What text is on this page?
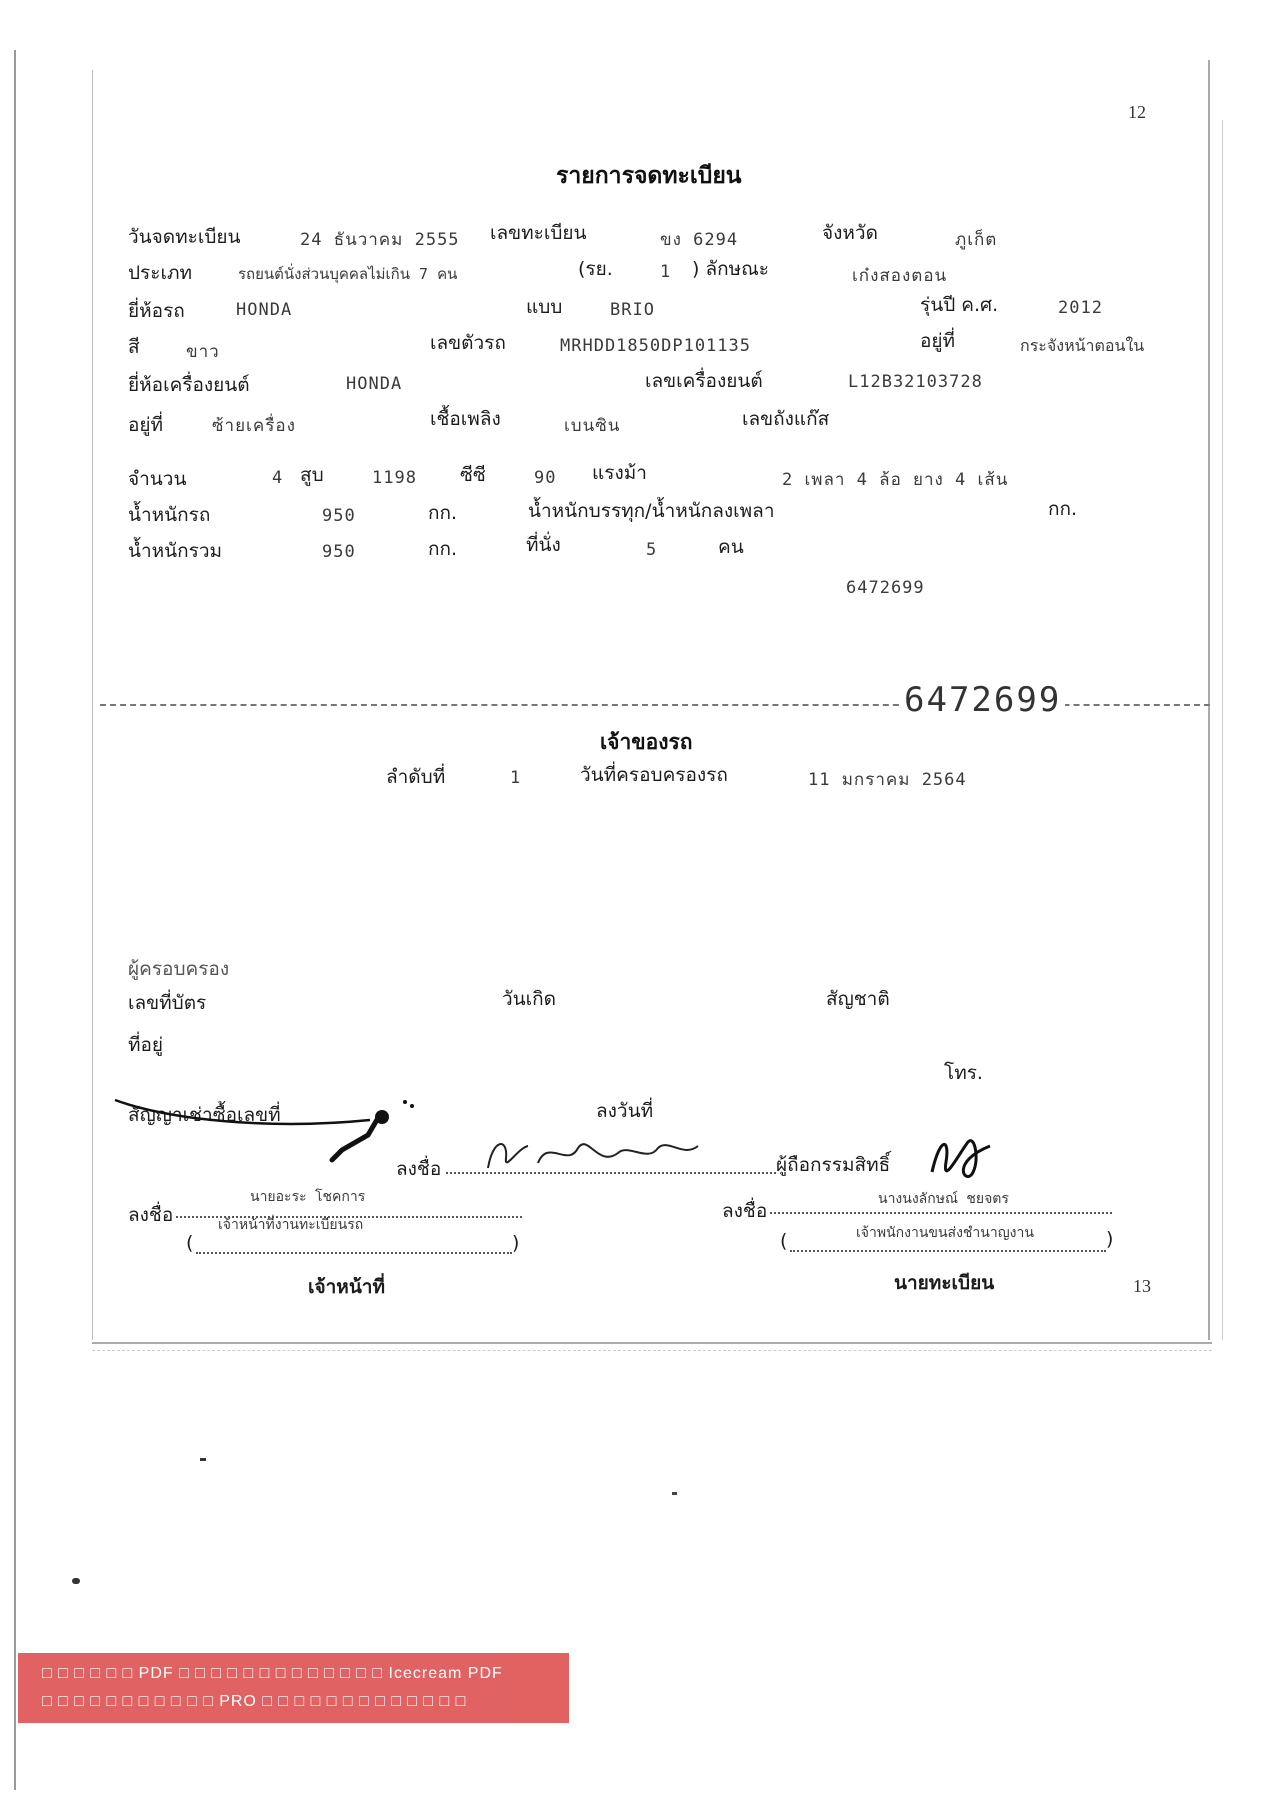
12
13
รายการจดทะเบียน
วันจดทะเบียน	24 ธันวาคม 2555 เลขทะเบียน	ขง 6294	จังหวัด	ภูเก็ต
ประเภท	รถยนต์นั่งส่วนบุคคลไม่เกิน 7 คน	(รย.	1 ) ลักษณะ	เก๋งสองตอน
ยี่ห้อรถ	HONDA	แบบ	BRIO	รุ่นปี ค.ศ.	2012
สี	ขาว	เลขตัวรถ	MRHDD1850DP101135	อยู่ที่	กระจังหน้าตอนใน
ยี่ห้อเครื่องยนต์	HONDA	เลขเครื่องยนต์	L12B32103728
อยู่ที่	ซ้ายเครื่อง	เชื้อเพลิง	เบนซิน	เลขถังแก๊ส
จำนวน	4 สูบ	1198 ซีซี	90 แรงม้า	2 เพลา 4 ล้อ ยาง 4 เส้น
น้ำหนักรถ	950	กก.	น้ำหนักบรรทุก/น้ำหนักลงเพลา	กก.
น้ำหนักรวม	950	กก.	ที่นั่ง	5	คน
6472699
6472699
เจ้าของรถ
ลำดับที่	1	วันที่ครอบครองรถ	11 มกราคม 2564
ผู้ครอบครอง
เลขที่บัตร	วันเกิด	สัญชาติ
ที่อยู่
โทร.
สัญญาเช่าซื้อเลขที่	ลงวันที่
ลงชื่อ	ผู้ถือกรรมสิทธิ์
ลงชื่อ
นายอะระ โชคการ
เจ้าหน้าที่งานทะเบียนรถ
(	)
เจ้าหน้าที่
ลงชื่อ
นางนงลักษณ์ ชยจตร
เจ้าพนักงานขนส่งชำนาญงาน
(	)
นายทะเบียน
□ □ □ □ □ □ PDF □ □ □ □ □ □ □ □ □ □ □ □ □ Icecream PDF
□ □ □ □ □ □ □ □ □ □ □ PRO □ □ □ □ □ □ □ □ □ □ □ □ □
